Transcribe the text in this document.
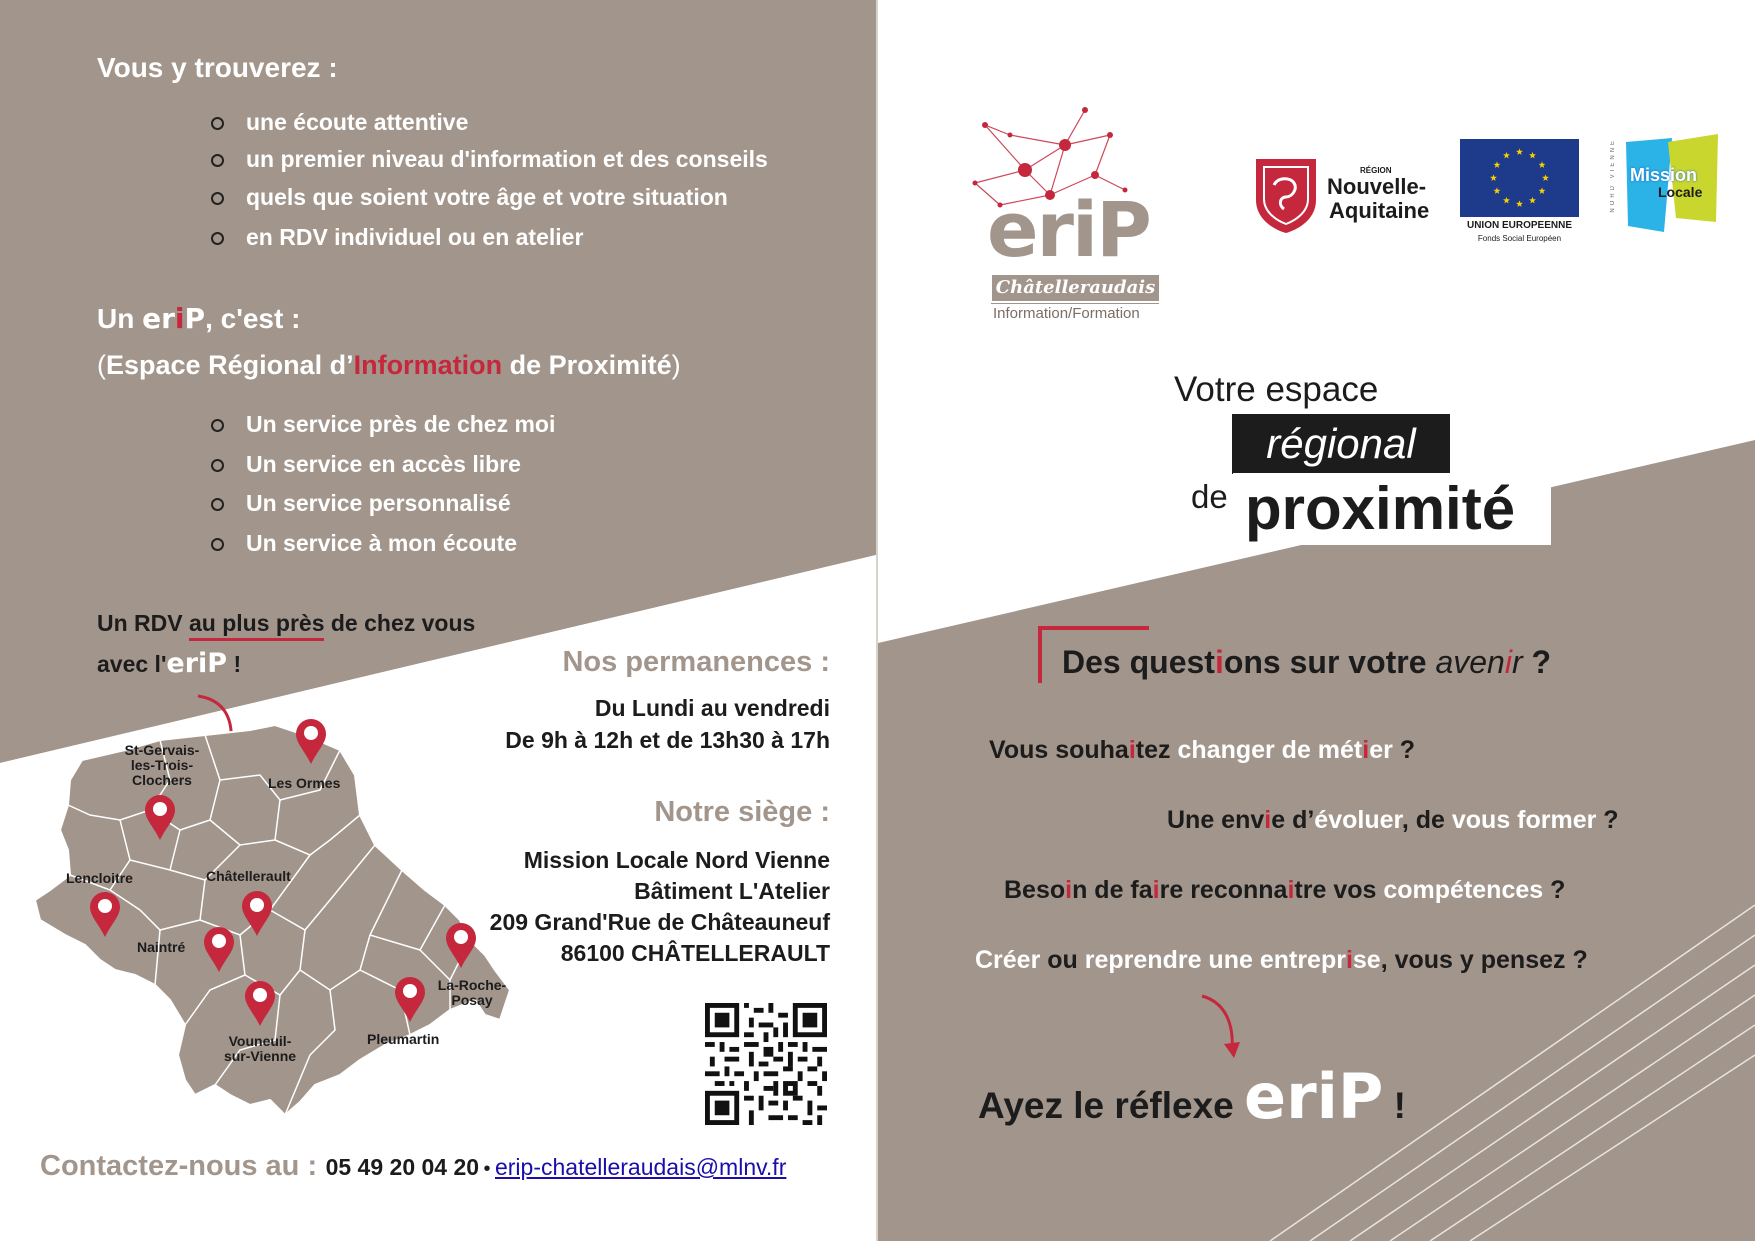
Vous y trouverez :
une écoute attentive
un premier niveau d'information et des conseils
quels que soient votre âge et votre situation
en RDV individuel ou en atelier
Un eriP, c'est :
(Espace Régional d’Information de Proximité)
Un service près de chez moi
Un service en accès libre
Un service personnalisé
Un service à mon écoute
Un RDV au plus près de chez vous
avec l'eriP !
St-Gervais-
les-Trois-
Clochers	Les Ormes
Lencloitre	Châtellerault
Naintré
La-Roche-
Posay
Vouneuil-
sur-Vienne
Pleumartin
Nos permanences :
Du Lundi au vendredi
De 9h à 12h et de 13h30 à 17h
Notre siège :
Mission Locale Nord Vienne
Bâtiment L'Atelier
209 Grand'Rue de Châteauneuf
86100 CHÂTELLERAULT
Contactez-nous au : 05 49 20 04 20 • erip-chatelleraudais@mlnv.fr
eriP
Châtelleraudais
Information/Formation
RÉGION
Nouvelle-
Aquitaine
UNION EUROPEENNE
Fonds Social Européen
NORD VIENNE Mission
Locale
Votre espace
régional
de proximité
Des questions sur votre avenir ?
Vous souhaitez changer de métier ?
Une envie d’évoluer, de vous former ?
Besoin de faire reconnaitre vos compétences ?
Créer ou reprendre une entreprise, vous y pensez ?
Ayez le réflexe eriP !
